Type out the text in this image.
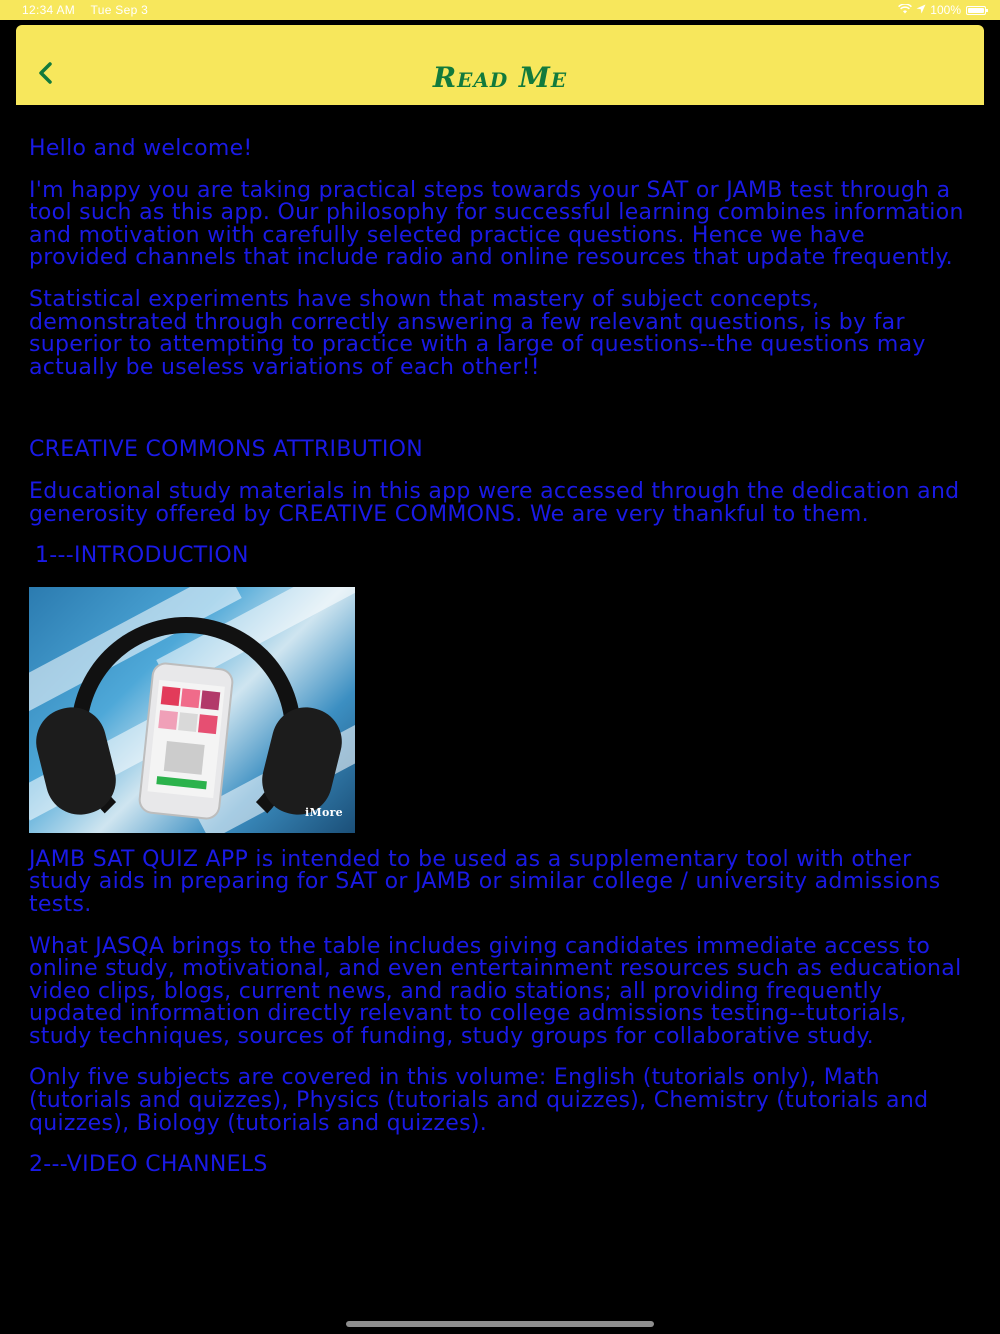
12:34 AM Tue Sep 3	100%
Read Me

Hello and welcome!

I'm happy you are taking practical steps towards your SAT or JAMB test through a tool such as this app. Our philosophy for successful learning combines information and motivation with carefully selected practice questions. Hence we have provided channels that include radio and online resources that update frequently.

Statistical experiments have shown that mastery of subject concepts, demonstrated through correctly answering a few relevant questions, is by far superior to attempting to practice with a large of questions--the questions may actually be useless variations of each other!!

CREATIVE COMMONS ATTRIBUTION

Educational study materials in this app were accessed through the dedication and generosity offered by CREATIVE COMMONS. We are very thankful to them.

1---INTRODUCTION

iMore

JAMB SAT QUIZ APP is intended to be used as a supplementary tool with other study aids in preparing for SAT or JAMB or similar college / university admissions tests.

What JASQA brings to the table includes giving candidates immediate access to online study, motivational, and even entertainment resources such as educational video clips, blogs, current news, and radio stations; all providing frequently updated information directly relevant to college admissions testing--tutorials, study techniques, sources of funding, study groups for collaborative study.

Only five subjects are covered in this volume: English (tutorials only), Math (tutorials and quizzes), Physics (tutorials and quizzes), Chemistry (tutorials and quizzes), Biology (tutorials and quizzes).

2---VIDEO CHANNELS
